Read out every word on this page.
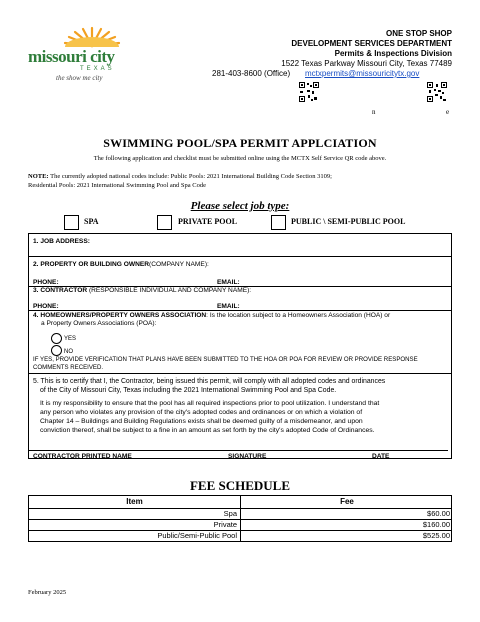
missouri city
TEXAS
the show me city
ONE STOP SHOP
DEVELOPMENT SERVICES DEPARTMENT
Permits & Inspections Division
1522 Texas Parkway Missouri City, Texas 77489
281-403-8600 (Office) mctxpermits@missouricitytx.gov
n	e
SWIMMING POOL/SPA PERMIT APPLCIATION
The following application and checklist must be submitted online using the MCTX Self Service QR code above.
NOTE: The currently adopted national codes include: Public Pools: 2021 International Building Code Section 3109;
Residential Pools: 2021 International Swimming Pool and Spa Code
Please select job type:
SPA	PRIVATE POOL	PUBLIC \ SEMI-PUBLIC POOL
1. JOB ADDRESS:
2. PROPERTY OR BUILDING OWNER(COMPANY NAME):
PHONE:	EMAIL:
3. CONTRACTOR (RESPONSIBLE INDIVIDUAL AND COMPANY NAME):
PHONE:	EMAIL:
4. HOMEOWNERS/PROPERTY OWNERS ASSOCIATION: Is the location subject to a Homeowners Association (HOA) or
a Property Owners Associations (POA):
YES
NO
IF YES, PROVIDE VERIFICATION THAT PLANS HAVE BEEN SUBMITTED TO THE HOA OR POA FOR REVIEW OR PROVIDE RESPONSE
COMMENTS RECEIVED.
5. This is to certify that I, the Contractor, being issued this permit, will comply with all adopted codes and ordinances
of the City of Missouri City, Texas including the 2021 International Swimming Pool and Spa Code.
It is my responsibility to ensure that the pool has all required inspections prior to pool utilization. I understand that
any person who violates any provision of the city's adopted codes and ordinances or on which a violation of
Chapter 14 – Buildings and Building Regulations exists shall be deemed guilty of a misdemeanor, and upon
conviction thereof, shall be subject to a fine in an amount as set forth by the city's adopted Code of Ordinances.
CONTRACTOR PRINTED NAME	SIGNATURE	DATE
FEE SCHEDULE
Item	Fee
Spa	$60.00
Private	$160.00
Public/Semi-Public Pool	$525.00
February 2025
